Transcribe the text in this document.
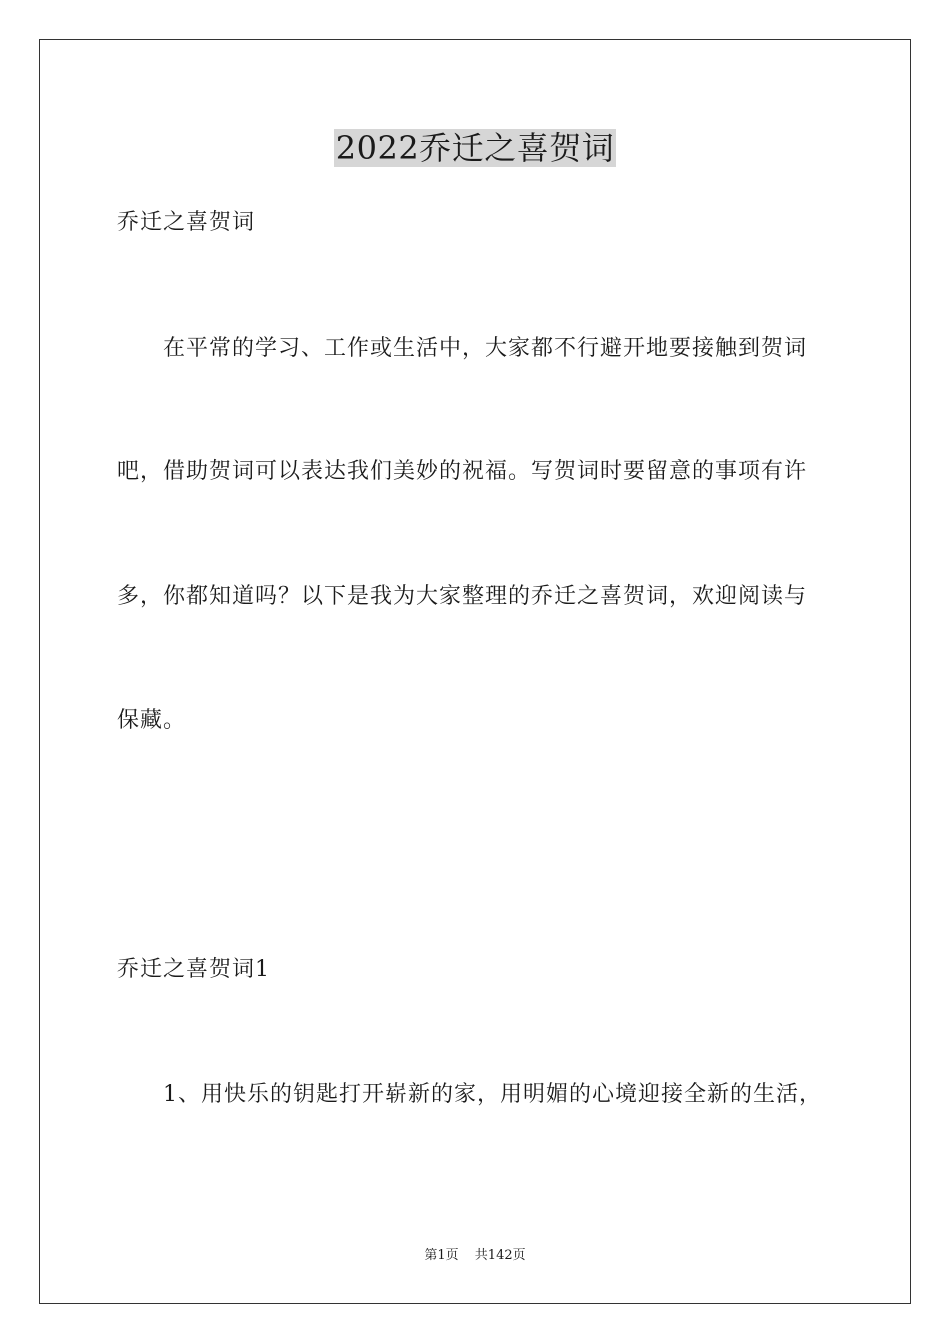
2022乔迁之喜贺词
乔迁之喜贺词
在平常的学习、工作或生活中，大家都不行避开地要接触到贺词
吧，借助贺词可以表达我们美妙的祝福。写贺词时要留意的事项有许
多，你都知道吗？以下是我为大家整理的乔迁之喜贺词，欢迎阅读与
保藏。
乔迁之喜贺词1
1、用快乐的钥匙打开崭新的家，用明媚的心境迎接全新的生活，
第1页 共142页
